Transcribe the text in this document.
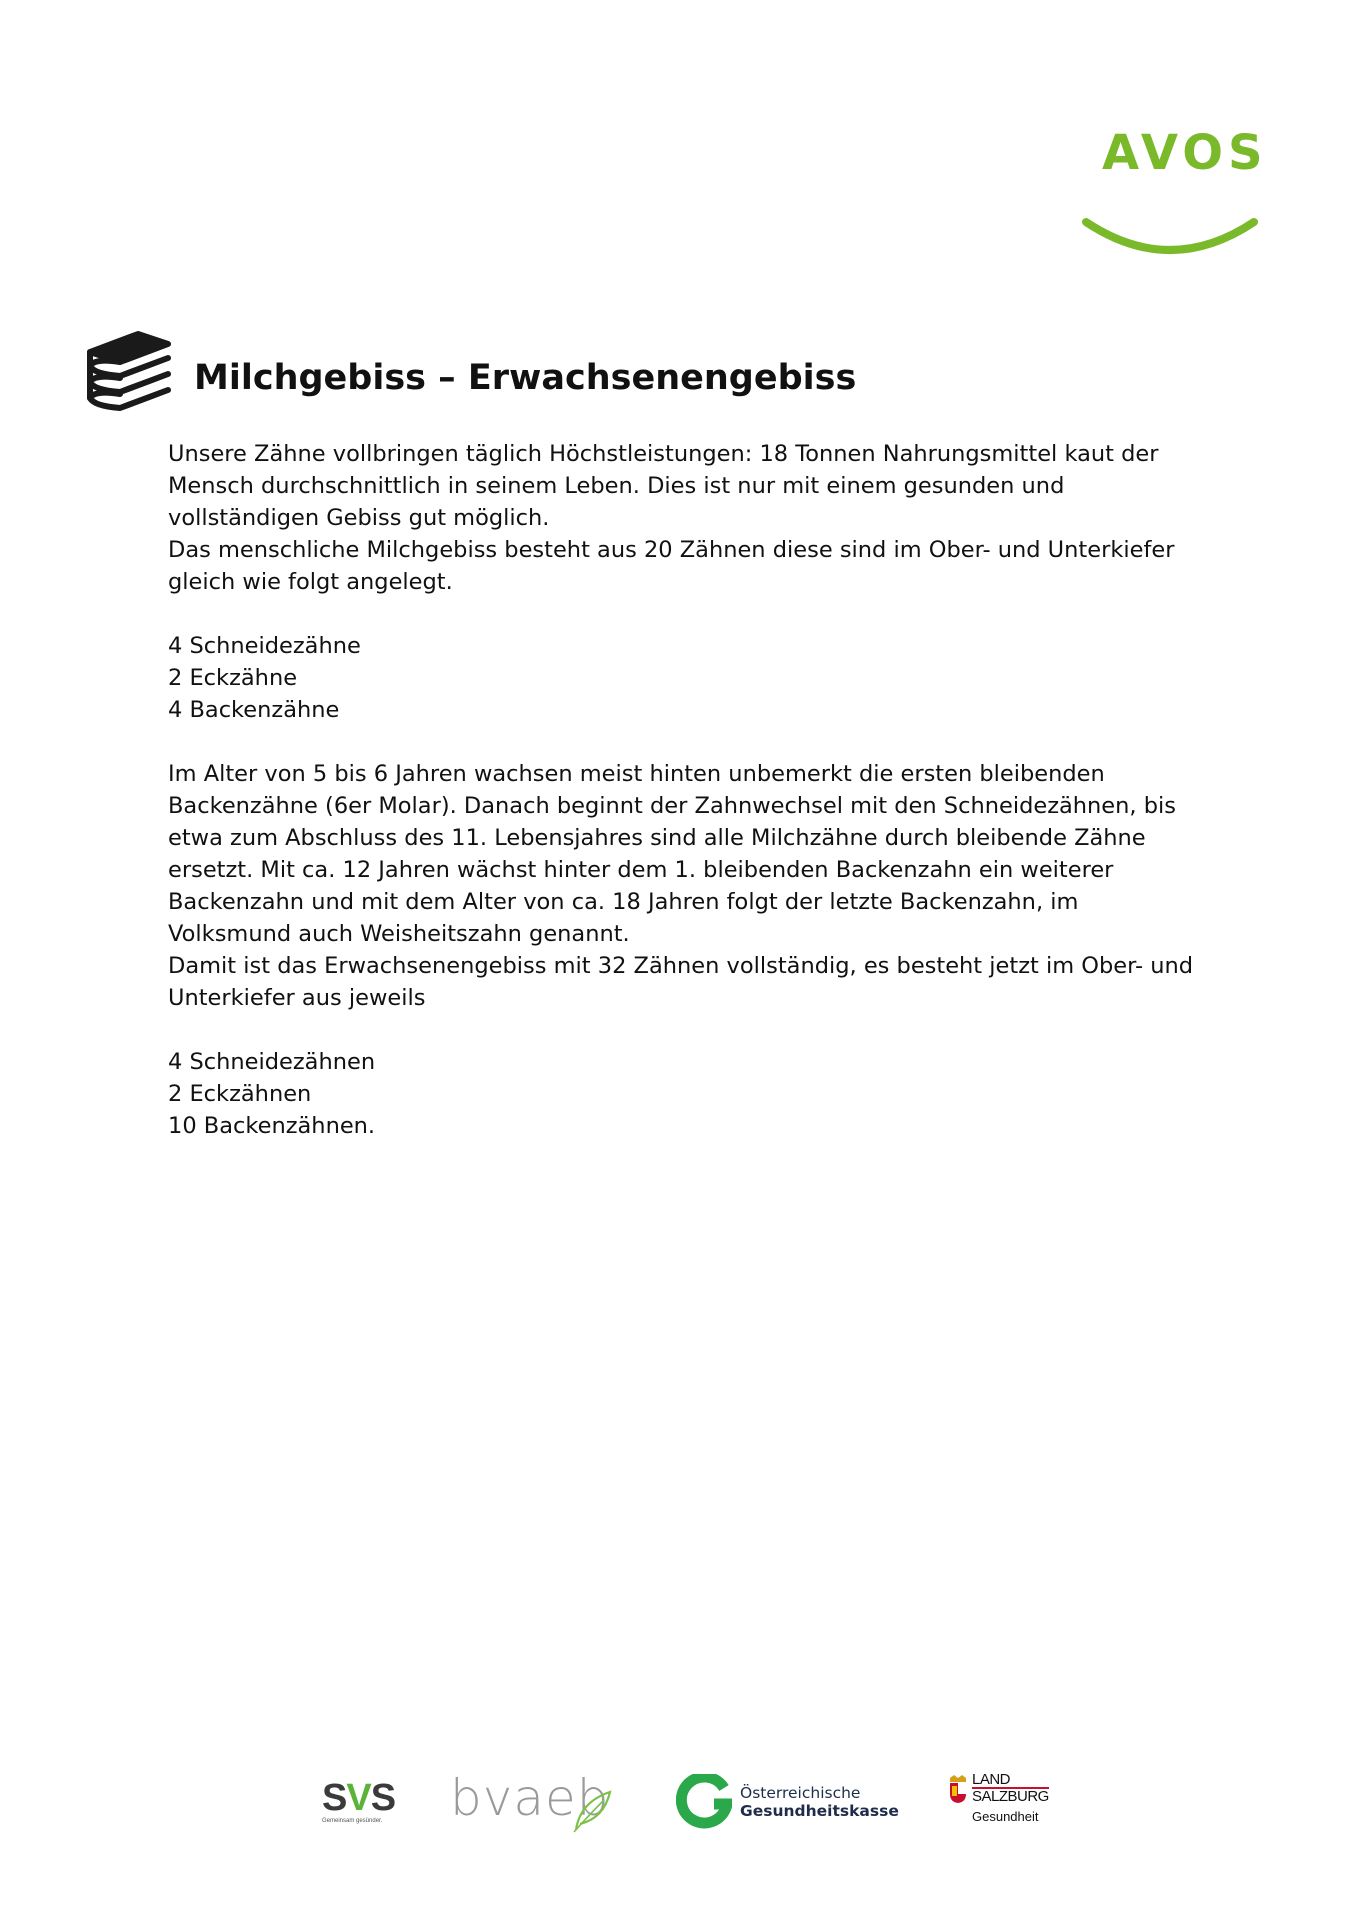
AVOS
Milchgebiss – Erwachsenengebiss

Unsere Zähne vollbringen täglich Höchstleistungen: 18 Tonnen Nahrungsmittel kaut der

Mensch durchschnittlich in seinem Leben. Dies ist nur mit einem gesunden und

vollständigen Gebiss gut möglich.

Das menschliche Milchgebiss besteht aus 20 Zähnen diese sind im Ober- und Unterkiefer

gleich wie folgt angelegt.

4 Schneidezähne
2 Eckzähne
4 Backenzähne

Im Alter von 5 bis 6 Jahren wachsen meist hinten unbemerkt die ersten bleibenden

Backenzähne (6er Molar). Danach beginnt der Zahnwechsel mit den Schneidezähnen, bis

etwa zum Abschluss des 11. Lebensjahres sind alle Milchzähne durch bleibende Zähne

ersetzt. Mit ca. 12 Jahren wächst hinter dem 1. bleibenden Backenzahn ein weiterer

Backenzahn und mit dem Alter von ca. 18 Jahren folgt der letzte Backenzahn, im

Volksmund auch Weisheitszahn genannt.

Damit ist das Erwachsenengebiss mit 32 Zähnen vollständig, es besteht jetzt im Ober- und

Unterkiefer aus jeweils

4 Schneidezähnen
2 Eckzähnen
10 Backenzähnen.
SVS
Gemeinsam gesünder. bvaeb	Österreichische
Gesundheitskasse
LAND
SALZBURG
Gesundheit
